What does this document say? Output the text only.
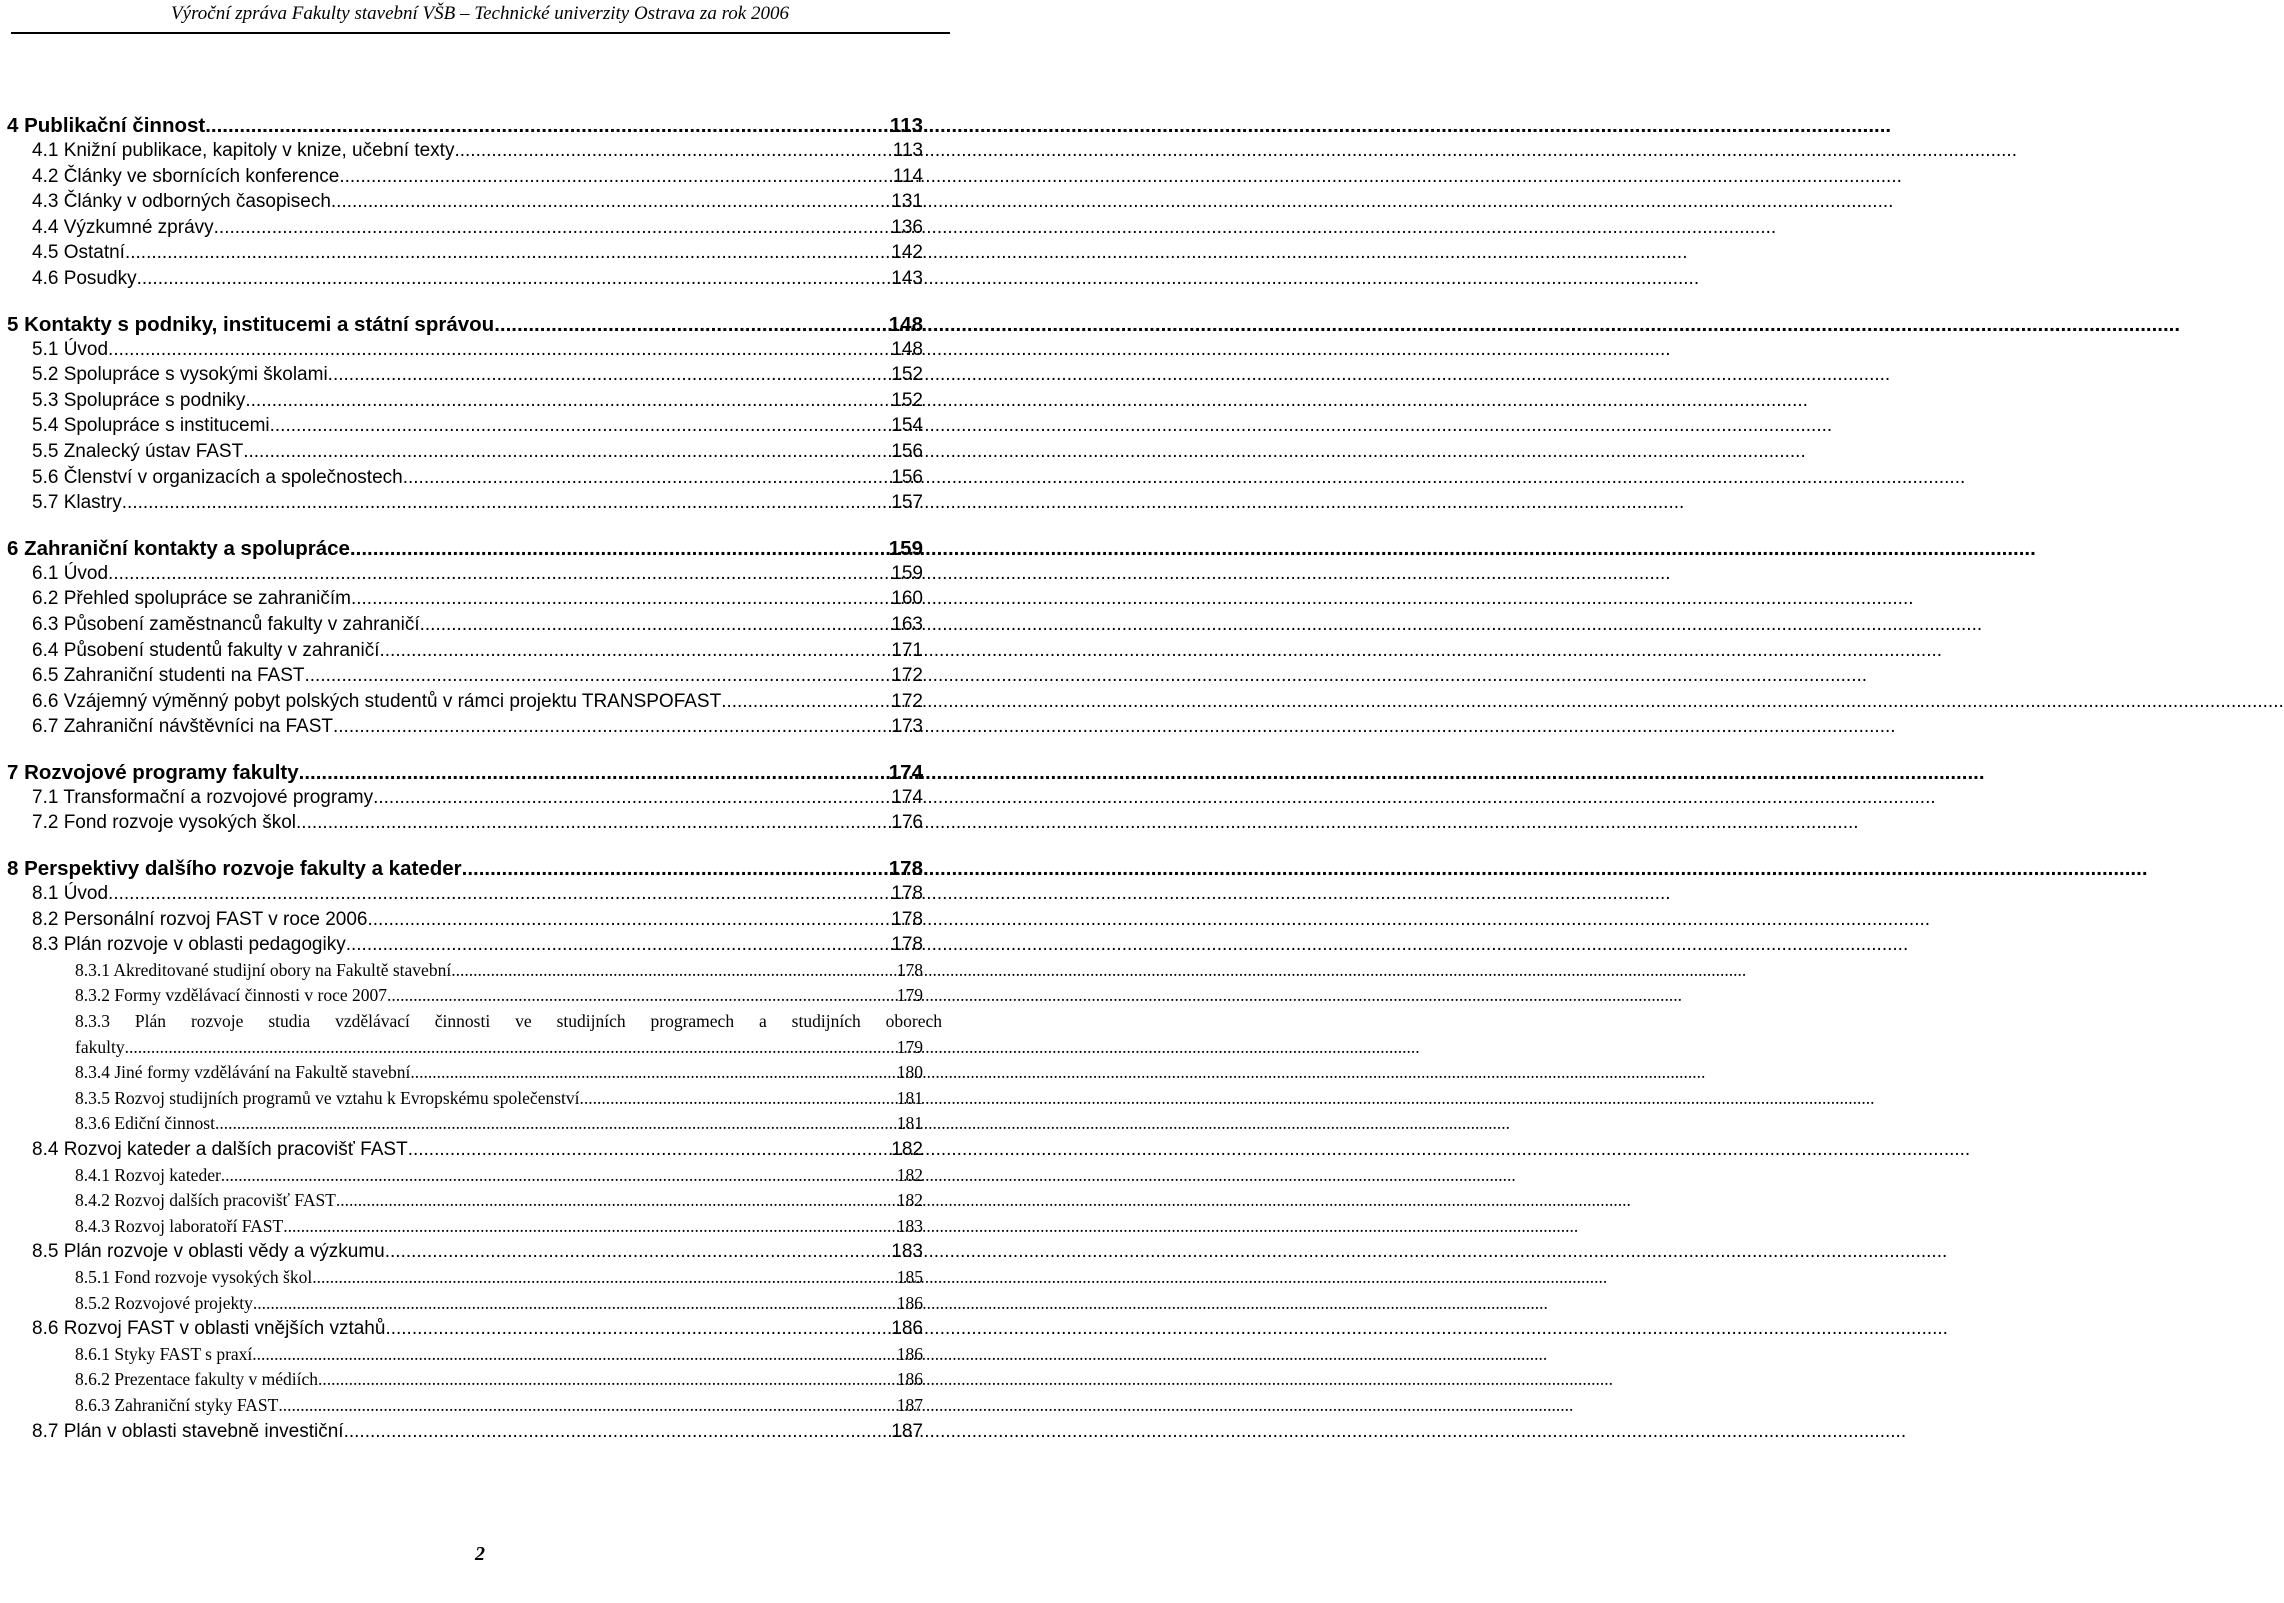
Výroční zpráva Fakulty stavební VŠB – Technické univerzity Ostrava za rok 2006
4 Publikační činnost .....	113
4.1 Knižní publikace, kapitoly v knize, učební texty .....	113
4.2 Články ve sbornících konference .....	114
4.3 Články v odborných časopisech .....	131
4.4 Výzkumné zprávy .....	136
4.5 Ostatní .....	142
4.6 Posudky .....	143
5 Kontakty s podniky, institucemi a státní správou .....	148
5.1 Úvod .....	148
5.2 Spolupráce s vysokými školami .....	152
5.3 Spolupráce s podniky .....	152
5.4 Spolupráce s institucemi .....	154
5.5 Znalecký ústav FAST .....	156
5.6 Členství v organizacích a společnostech .....	156
5.7 Klastry .....	157
6 Zahraniční kontakty a spolupráce .....	159
6.1 Úvod .....	159
6.2 Přehled spolupráce se zahraničím .....	160
6.3 Působení zaměstnanců fakulty v zahraničí .....	163
6.4 Působení studentů fakulty v zahraničí .....	171
6.5 Zahraniční studenti na FAST .....	172
6.6 Vzájemný výměnný pobyt polských studentů v rámci projektu TRANSPOFAST .....	172
6.7 Zahraniční návštěvníci na FAST .....	173
7 Rozvojové programy fakulty .....	174
7.1 Transformační a rozvojové programy .....	174
7.2 Fond rozvoje vysokých škol .....	176
8 Perspektivy dalšího rozvoje fakulty a kateder .....	178
8.1 Úvod .....	178
8.2 Personální rozvoj FAST v roce 2006 .....	178
8.3 Plán rozvoje v oblasti pedagogiky .....	178
8.3.1 Akreditované studijní obory na Fakultě stavební .....	178
8.3.2 Formy vzdělávací činnosti v roce 2007 .....	179
8.3.3 Plán rozvoje studia vzdělávací činnosti ve studijních programech a studijních oborech
fakulty .....	179
8.3.4 Jiné formy vzdělávání na Fakultě stavební .....	180
8.3.5 Rozvoj studijních programů ve vztahu k Evropskému společenství .....	181
8.3.6 Ediční činnost .....	181
8.4 Rozvoj kateder a dalších pracovišť FAST .....	182
8.4.1 Rozvoj kateder .....	182
8.4.2 Rozvoj dalších pracovišť FAST .....	182
8.4.3 Rozvoj laboratoří FAST .....	183
8.5 Plán rozvoje v oblasti vědy a výzkumu .....	183
8.5.1 Fond rozvoje vysokých škol .....	185
8.5.2 Rozvojové projekty .....	186
8.6 Rozvoj FAST v oblasti vnějších vztahů .....	186
8.6.1 Styky FAST s praxí .....	186
8.6.2 Prezentace fakulty v médiích .....	186
8.6.3 Zahraniční styky FAST .....	187
8.7 Plán v oblasti stavebně investiční .....	187
2
